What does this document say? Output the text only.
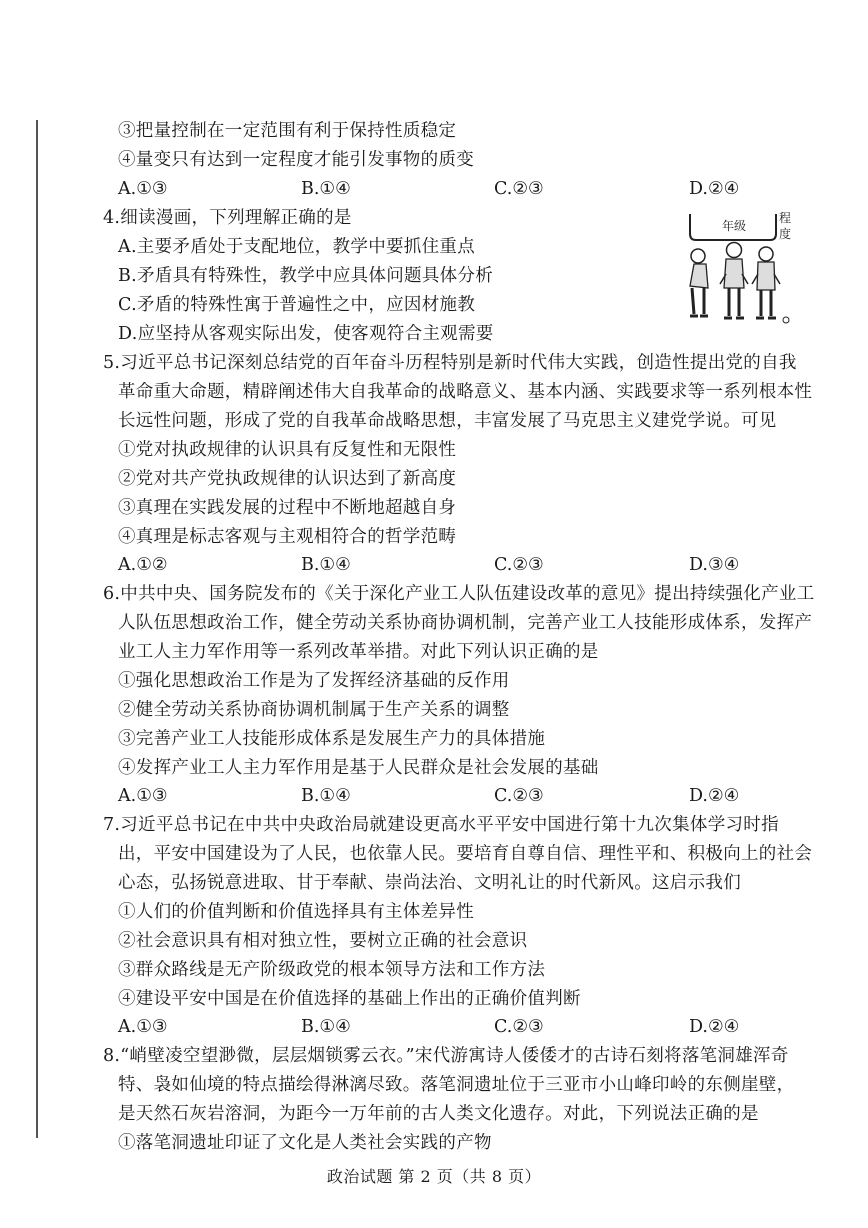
③把量控制在一定范围有利于保持性质稳定
④量变只有达到一定程度才能引发事物的质变
A.①③	B.①④	C.②③	D.②④
4.细读漫画，下列理解正确的是
A.主要矛盾处于支配地位，教学中要抓住重点
B.矛盾具有特殊性，教学中应具体问题具体分析
C.矛盾的特殊性寓于普遍性之中，应因材施教
D.应坚持从客观实际出发，使客观符合主观需要
年级
程
度
5.习近平总书记深刻总结党的百年奋斗历程特别是新时代伟大实践，创造性提出党的自我
革命重大命题，精辟阐述伟大自我革命的战略意义、基本内涵、实践要求等一系列根本性
长远性问题，形成了党的自我革命战略思想，丰富发展了马克思主义建党学说。可见
①党对执政规律的认识具有反复性和无限性
②党对共产党执政规律的认识达到了新高度
③真理在实践发展的过程中不断地超越自身
④真理是标志客观与主观相符合的哲学范畴
A.①②	B.①④	C.②③	D.③④
6.中共中央、国务院发布的《关于深化产业工人队伍建设改革的意见》提出持续强化产业工
人队伍思想政治工作，健全劳动关系协商协调机制，完善产业工人技能形成体系，发挥产
业工人主力军作用等一系列改革举措。对此下列认识正确的是
①强化思想政治工作是为了发挥经济基础的反作用
②健全劳动关系协商协调机制属于生产关系的调整
③完善产业工人技能形成体系是发展生产力的具体措施
④发挥产业工人主力军作用是基于人民群众是社会发展的基础
A.①③	B.①④	C.②③	D.②④
7.习近平总书记在中共中央政治局就建设更高水平平安中国进行第十九次集体学习时指
出，平安中国建设为了人民，也依靠人民。要培育自尊自信、理性平和、积极向上的社会
心态，弘扬锐意进取、甘于奉献、崇尚法治、文明礼让的时代新风。这启示我们
①人们的价值判断和价值选择具有主体差异性
②社会意识具有相对独立性，要树立正确的社会意识
③群众路线是无产阶级政党的根本领导方法和工作方法
④建设平安中国是在价值选择的基础上作出的正确价值判断
A.①③	B.①④	C.②③	D.②④
8.“峭壁凌空望渺微，层层烟锁雾云衣。”宋代游寓诗人倭倭才的古诗石刻将落笔洞雄浑奇
特、袅如仙境的特点描绘得淋漓尽致。落笔洞遗址位于三亚市小山峰印岭的东侧崖壁，
是天然石灰岩溶洞，为距今一万年前的古人类文化遗存。对此，下列说法正确的是
①落笔洞遗址印证了文化是人类社会实践的产物
政治试题 第 2 页（共 8 页）
